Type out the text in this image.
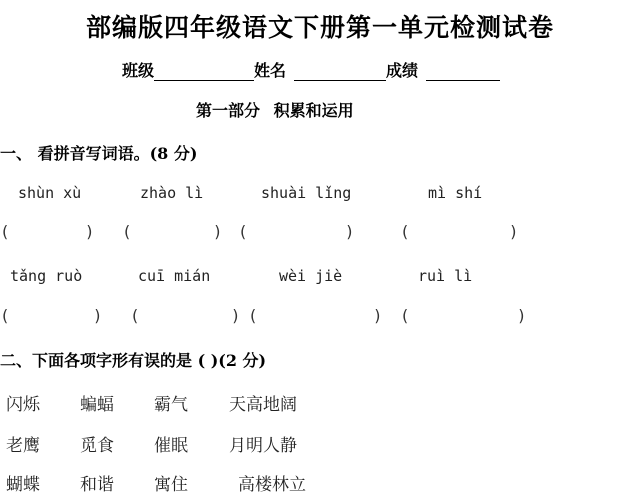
部编版四年级语文下册第一单元检测试卷
班级	姓名	成绩
第一部分 积累和运用
一、 看拼音写词语。(8 分)
shùn xù	zhào lì	shuài lǐng	mì shí
(	) (	) (	)	(	)
tǎng ruò	cuī mián	wèi jiè	ruì lì
(	) (	) (	) (	)
二、下面各项字形有误的是 ( )(2 分)
闪烁 蝙蝠 霸气 天高地阔
老鹰 觅食 催眠 月明人静
蝴蝶 和谐 寓住	高楼林立
